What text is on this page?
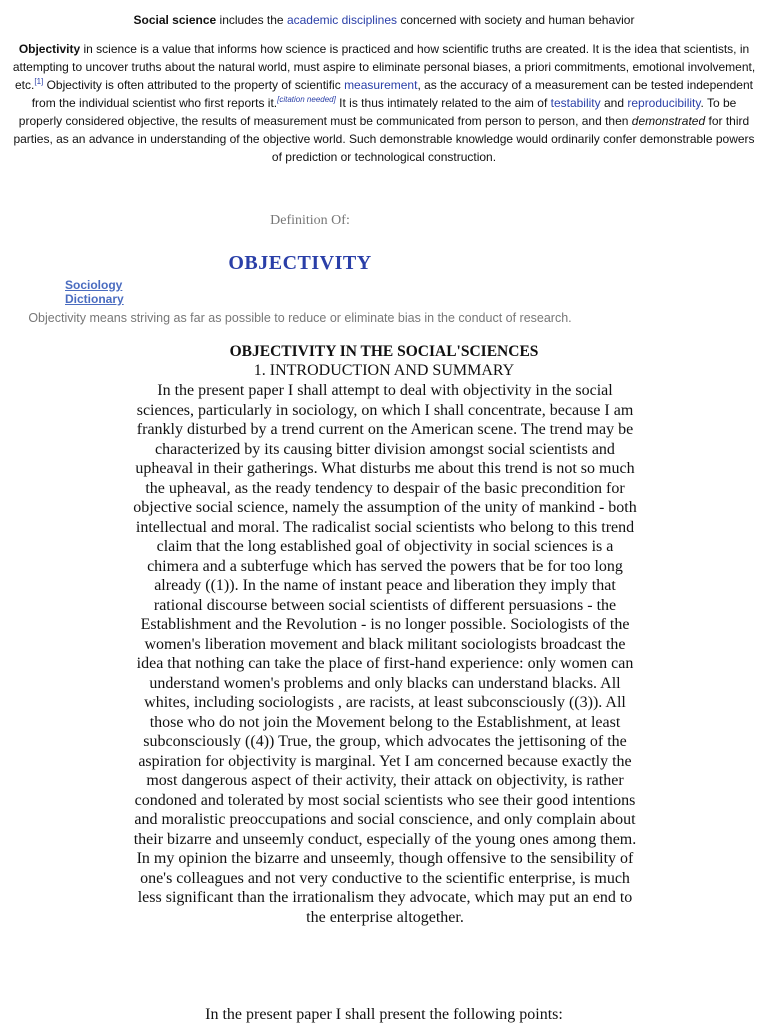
Social science includes the academic disciplines concerned with society and human behavior
Objectivity in science is a value that informs how science is practiced and how scientific truths are created. It is the idea that scientists, in attempting to uncover truths about the natural world, must aspire to eliminate personal biases, a priori commitments, emotional involvement, etc.[1] Objectivity is often attributed to the property of scientific measurement, as the accuracy of a measurement can be tested independent from the individual scientist who first reports it.[citation needed] It is thus intimately related to the aim of testability and reproducibility. To be properly considered objective, the results of measurement must be communicated from person to person, and then demonstrated for third parties, as an advance in understanding of the objective world. Such demonstrable knowledge would ordinarily confer demonstrable powers of prediction or technological construction.
Definition Of:
OBJECTIVITY
Sociology
Dictionary
Objectivity means striving as far as possible to reduce or eliminate bias in the conduct of research.
OBJECTIVITY IN THE SOCIAL'SCIENCES
1. INTRODUCTION AND SUMMARY
In the present paper I shall attempt to deal with objectivity in the social sciences, particularly in sociology, on which I shall concentrate, because I am frankly disturbed by a trend current on the American scene. The trend may be characterized by its causing bitter division amongst social scientists and upheaval in their gatherings. What disturbs me about this trend is not so much the upheaval, as the ready tendency to despair of the basic precondition for objective social science, namely the assumption of the unity of mankind - both intellectual and moral. The radicalist social scientists who belong to this trend claim that the long established goal of objectivity in social sciences is a chimera and a subterfuge which has served the powers that be for too long already ((1)). In the name of instant peace and liberation they imply that rational discourse between social scientists of different persuasions - the Establishment and the Revolution - is no longer possible. Sociologists of the women's liberation movement and black militant sociologists broadcast the idea that nothing can take the place of first-hand experience: only women can understand women's problems and only blacks can understand blacks. All whites, including sociologists , are racists, at least subconsciously ((3)). All those who do not join the Movement belong to the Establishment, at least subconsciously ((4)) True, the group, which advocates the jettisoning of the aspiration for objectivity is marginal. Yet I am concerned because exactly the most dangerous aspect of their activity, their attack on objectivity, is rather condoned and tolerated by most social scientists who see their good intentions and moralistic preoccupations and social conscience, and only complain about their bizarre and unseemly conduct, especially of the young ones among them. In my opinion the bizarre and unseemly, though offensive to the sensibility of one's colleagues and not very conductive to the scientific enterprise, is much less significant than the irrationalism they advocate, which may put an end to the enterprise altogether.
In the present paper I shall present the following points:
